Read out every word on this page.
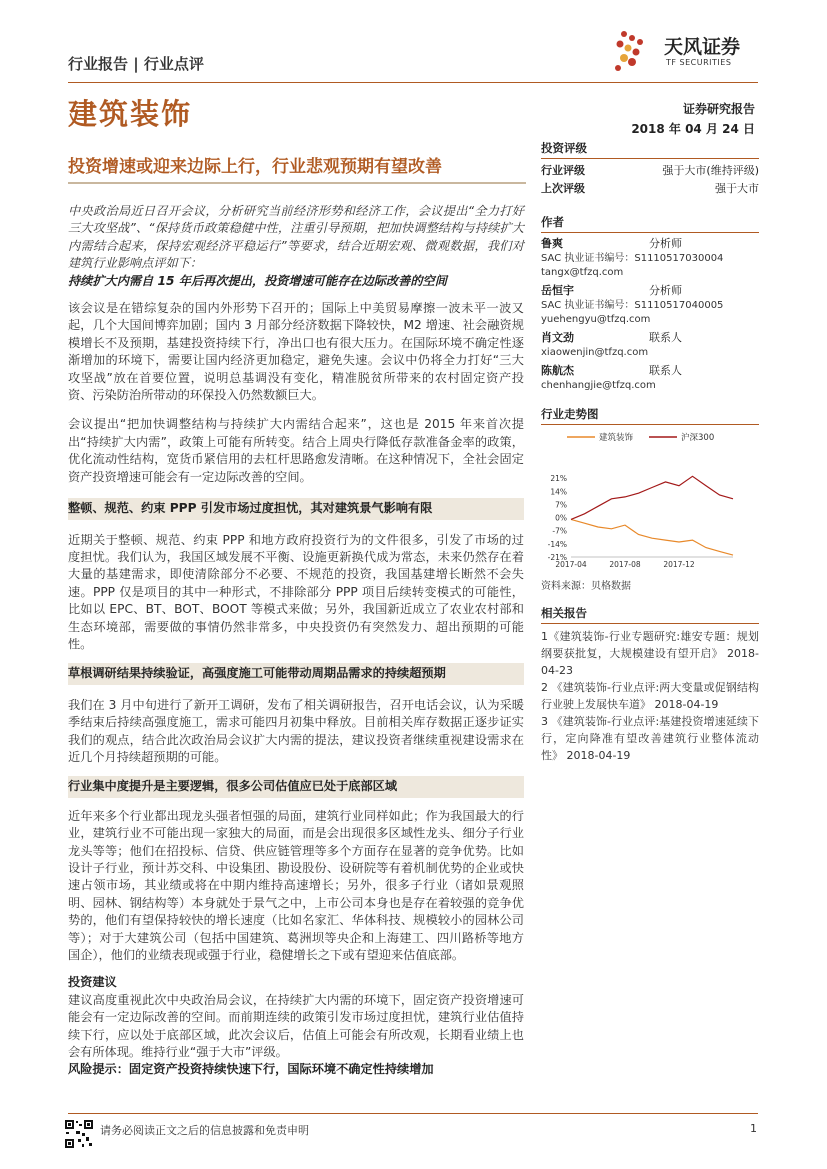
天风证券
TF SECURITIES
行业报告 | 行业点评
建筑装饰	证券研究报告
2018 年 04 月 24 日
投资增速或迎来边际上行，行业悲观预期有望改善

中央政治局近日召开会议，分析研究当前经济形势和经济工作，会议提出“全力打好三大攻坚战”、“保持货币政策稳健中性，注重引导预期，把加快调整结构与持续扩大内需结合起来，保持宏观经济平稳运行”等要求，结合近期宏观、微观数据，我们对建筑行业影响点评如下：

持续扩大内需自 15 年后再次提出，投资增速可能存在边际改善的空间

该会议是在错综复杂的国内外形势下召开的；国际上中美贸易摩擦一波未平一波又起，几个大国间博弈加剧；国内 3 月部分经济数据下降较快，M2 增速、社会融资规模增长不及预期，基建投资持续下行，净出口也有很大压力。在国际环境不确定性逐渐增加的环境下，需要让国内经济更加稳定，避免失速。会议中仍将全力打好“三大攻坚战”放在首要位置，说明总基调没有变化，精准脱贫所带来的农村固定资产投资、污染防治所带动的环保投入仍然数额巨大。

会议提出“把加快调整结构与持续扩大内需结合起来”，这也是 2015 年来首次提出“持续扩大内需”，政策上可能有所转变。结合上周央行降低存款准备金率的政策，优化流动性结构，宽货币紧信用的去杠杆思路愈发清晰。在这种情况下，全社会固定资产投资增速可能会有一定边际改善的空间。

整顿、规范、约束 PPP 引发市场过度担忧，其对建筑景气影响有限

近期关于整顿、规范、约束 PPP 和地方政府投资行为的文件很多，引发了市场的过度担忧。我们认为，我国区域发展不平衡、设施更新换代成为常态，未来仍然存在着大量的基建需求，即使清除部分不必要、不规范的投资，我国基建增长断然不会失速。PPP 仅是项目的其中一种形式，不排除部分 PPP 项目后续转变模式的可能性，比如以 EPC、BT、BOT、BOOT 等模式来做；另外，我国新近成立了农业农村部和生态环境部，需要做的事情仍然非常多，中央投资仍有突然发力、超出预期的可能性。

草根调研结果持续验证，高强度施工可能带动周期品需求的持续超预期

我们在 3 月中旬进行了新开工调研，发布了相关调研报告，召开电话会议，认为采暖季结束后持续高强度施工，需求可能四月初集中释放。目前相关库存数据正逐步证实我们的观点，结合此次政治局会议扩大内需的提法，建议投资者继续重视建设需求在近几个月持续超预期的可能。

行业集中度提升是主要逻辑，很多公司估值应已处于底部区域

近年来多个行业都出现龙头强者恒强的局面，建筑行业同样如此；作为我国最大的行业，建筑行业不可能出现一家独大的局面，而是会出现很多区域性龙头、细分子行业龙头等等；他们在招投标、信贷、供应链管理等多个方面存在显著的竞争优势。比如设计子行业，预计苏交科、中设集团、勘设股份、设研院等有着机制优势的企业或快速占领市场，其业绩或将在中期内维持高速增长；另外，很多子行业（诸如景观照明、园林、钢结构等）本身就处于景气之中，上市公司本身也是存在着较强的竞争优势的，他们有望保持较快的增长速度（比如名家汇、华体科技、规模较小的园林公司等）；对于大建筑公司（包括中国建筑、葛洲坝等央企和上海建工、四川路桥等地方国企），他们的业绩表现或强于行业，稳健增长之下或有望迎来估值底部。

投资建议

建议高度重视此次中央政治局会议，在持续扩大内需的环境下，固定资产投资增速可能会有一定边际改善的空间。而前期连续的政策引发市场过度担忧，建筑行业估值持续下行，应以处于底部区域，此次会议后，估值上可能会有所改观，长期看业绩上也会有所体现。维持行业“强于大市”评级。

风险提示：固定资产投资持续快速下行，国际环境不确定性持续增加
投资评级
行业评级	强于大市(维持评级)
上次评级	强于大市
作者
鲁爽	分析师
SAC 执业证书编号：S1110517030004
tangx@tfzq.com
岳恒宇	分析师
SAC 执业证书编号：S1110517040005
yuehengyu@tfzq.com
肖文劲	联系人
xiaowenjin@tfzq.com
陈航杰	联系人
chenhangjie@tfzq.com
行业走势图
建筑装饰	沪深300
21%
14%
7%
0%
-7%
-14%
-21%
2017-04	2017-08	2017-12
资料来源：贝格数据
相关报告
1《建筑装饰-行业专题研究:雄安专题：规划纲要获批复，大规模建设有望开启》 2018-04-23
2 《建筑装饰-行业点评:两大变量或促钢结构行业驶上发展快车道》 2018-04-19
3 《建筑装饰-行业点评:基建投资增速延续下行，定向降准有望改善建筑行业整体流动性》 2018-04-19
请务必阅读正文之后的信息披露和免责申明	1
